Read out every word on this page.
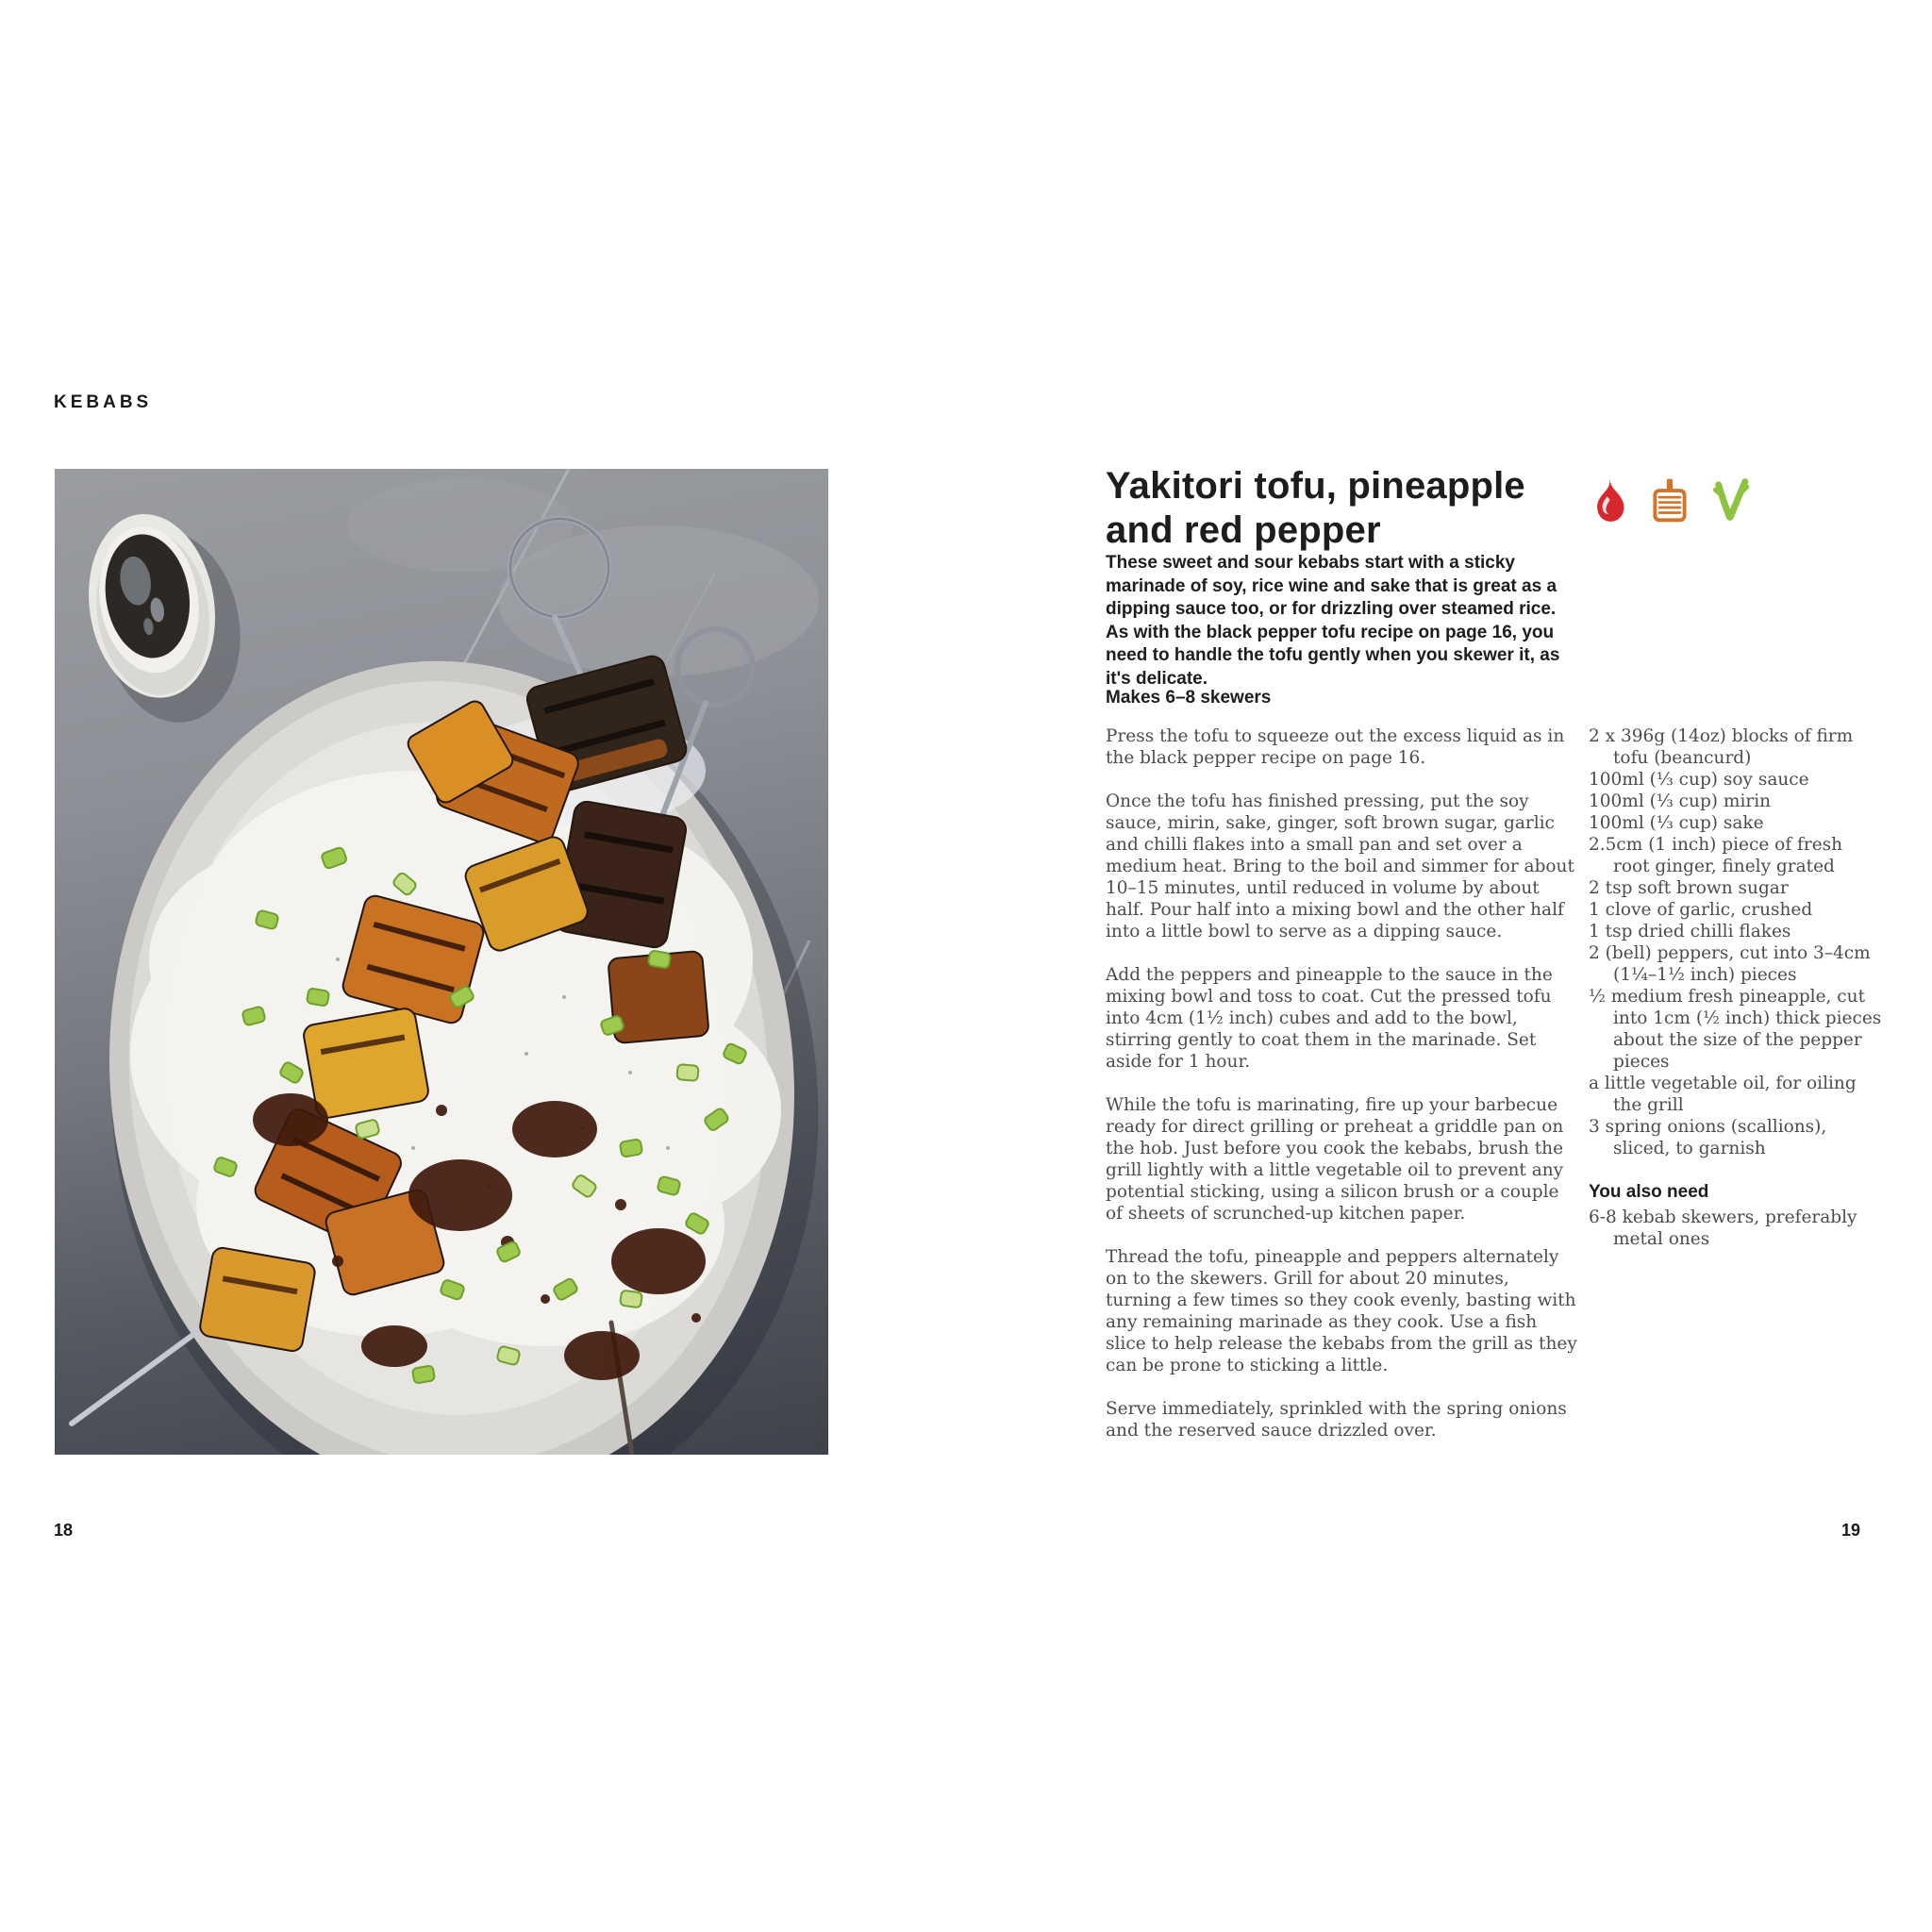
KEBABS
18
Yakitori tofu, pineapple
and red pepper

These sweet and sour kebabs start with a sticky marinade of soy, rice wine and sake that is great as a dipping sauce too, or for drizzling over steamed rice. As with the black pepper tofu recipe on page 16, you need to handle the tofu gently when you skewer it, as it's delicate.

Makes 6–8 skewers

Press the tofu to squeeze out the excess liquid as in the black pepper recipe on page 16.

Once the tofu has finished pressing, put the soy sauce, mirin, sake, ginger, soft brown sugar, garlic and chilli flakes into a small pan and set over a medium heat. Bring to the boil and simmer for about 10–15 minutes, until reduced in volume by about half. Pour half into a mixing bowl and the other half into a little bowl to serve as a dipping sauce.

Add the peppers and pineapple to the sauce in the mixing bowl and toss to coat. Cut the pressed tofu into 4cm (1½ inch) cubes and add to the bowl, stirring gently to coat them in the marinade. Set aside for 1 hour.

While the tofu is marinating, fire up your barbecue ready for direct grilling or preheat a griddle pan on the hob. Just before you cook the kebabs, brush the grill lightly with a little vegetable oil to prevent any potential sticking, using a silicon brush or a couple of sheets of scrunched-up kitchen paper.

Thread the tofu, pineapple and peppers alternately on to the skewers. Grill for about 20 minutes, turning a few times so they cook evenly, basting with any remaining marinade as they cook. Use a fish slice to help release the kebabs from the grill as they can be prone to sticking a little.

Serve immediately, sprinkled with the spring onions and the reserved sauce drizzled over.

2 x 396g (14oz) blocks of firm tofu (beancurd)
100ml (⅓ cup) soy sauce
100ml (⅓ cup) mirin
100ml (⅓ cup) sake
2.5cm (1 inch) piece of fresh root ginger, finely grated
2 tsp soft brown sugar
1 clove of garlic, crushed
1 tsp dried chilli flakes
2 (bell) peppers, cut into 3–4cm (1¼–1½ inch) pieces
½ medium fresh pineapple, cut into 1cm (½ inch) thick pieces about the size of the pepper pieces
a little vegetable oil, for oiling the grill
3 spring onions (scallions), sliced, to garnish
You also need
6-8 kebab skewers, preferably metal ones
19
